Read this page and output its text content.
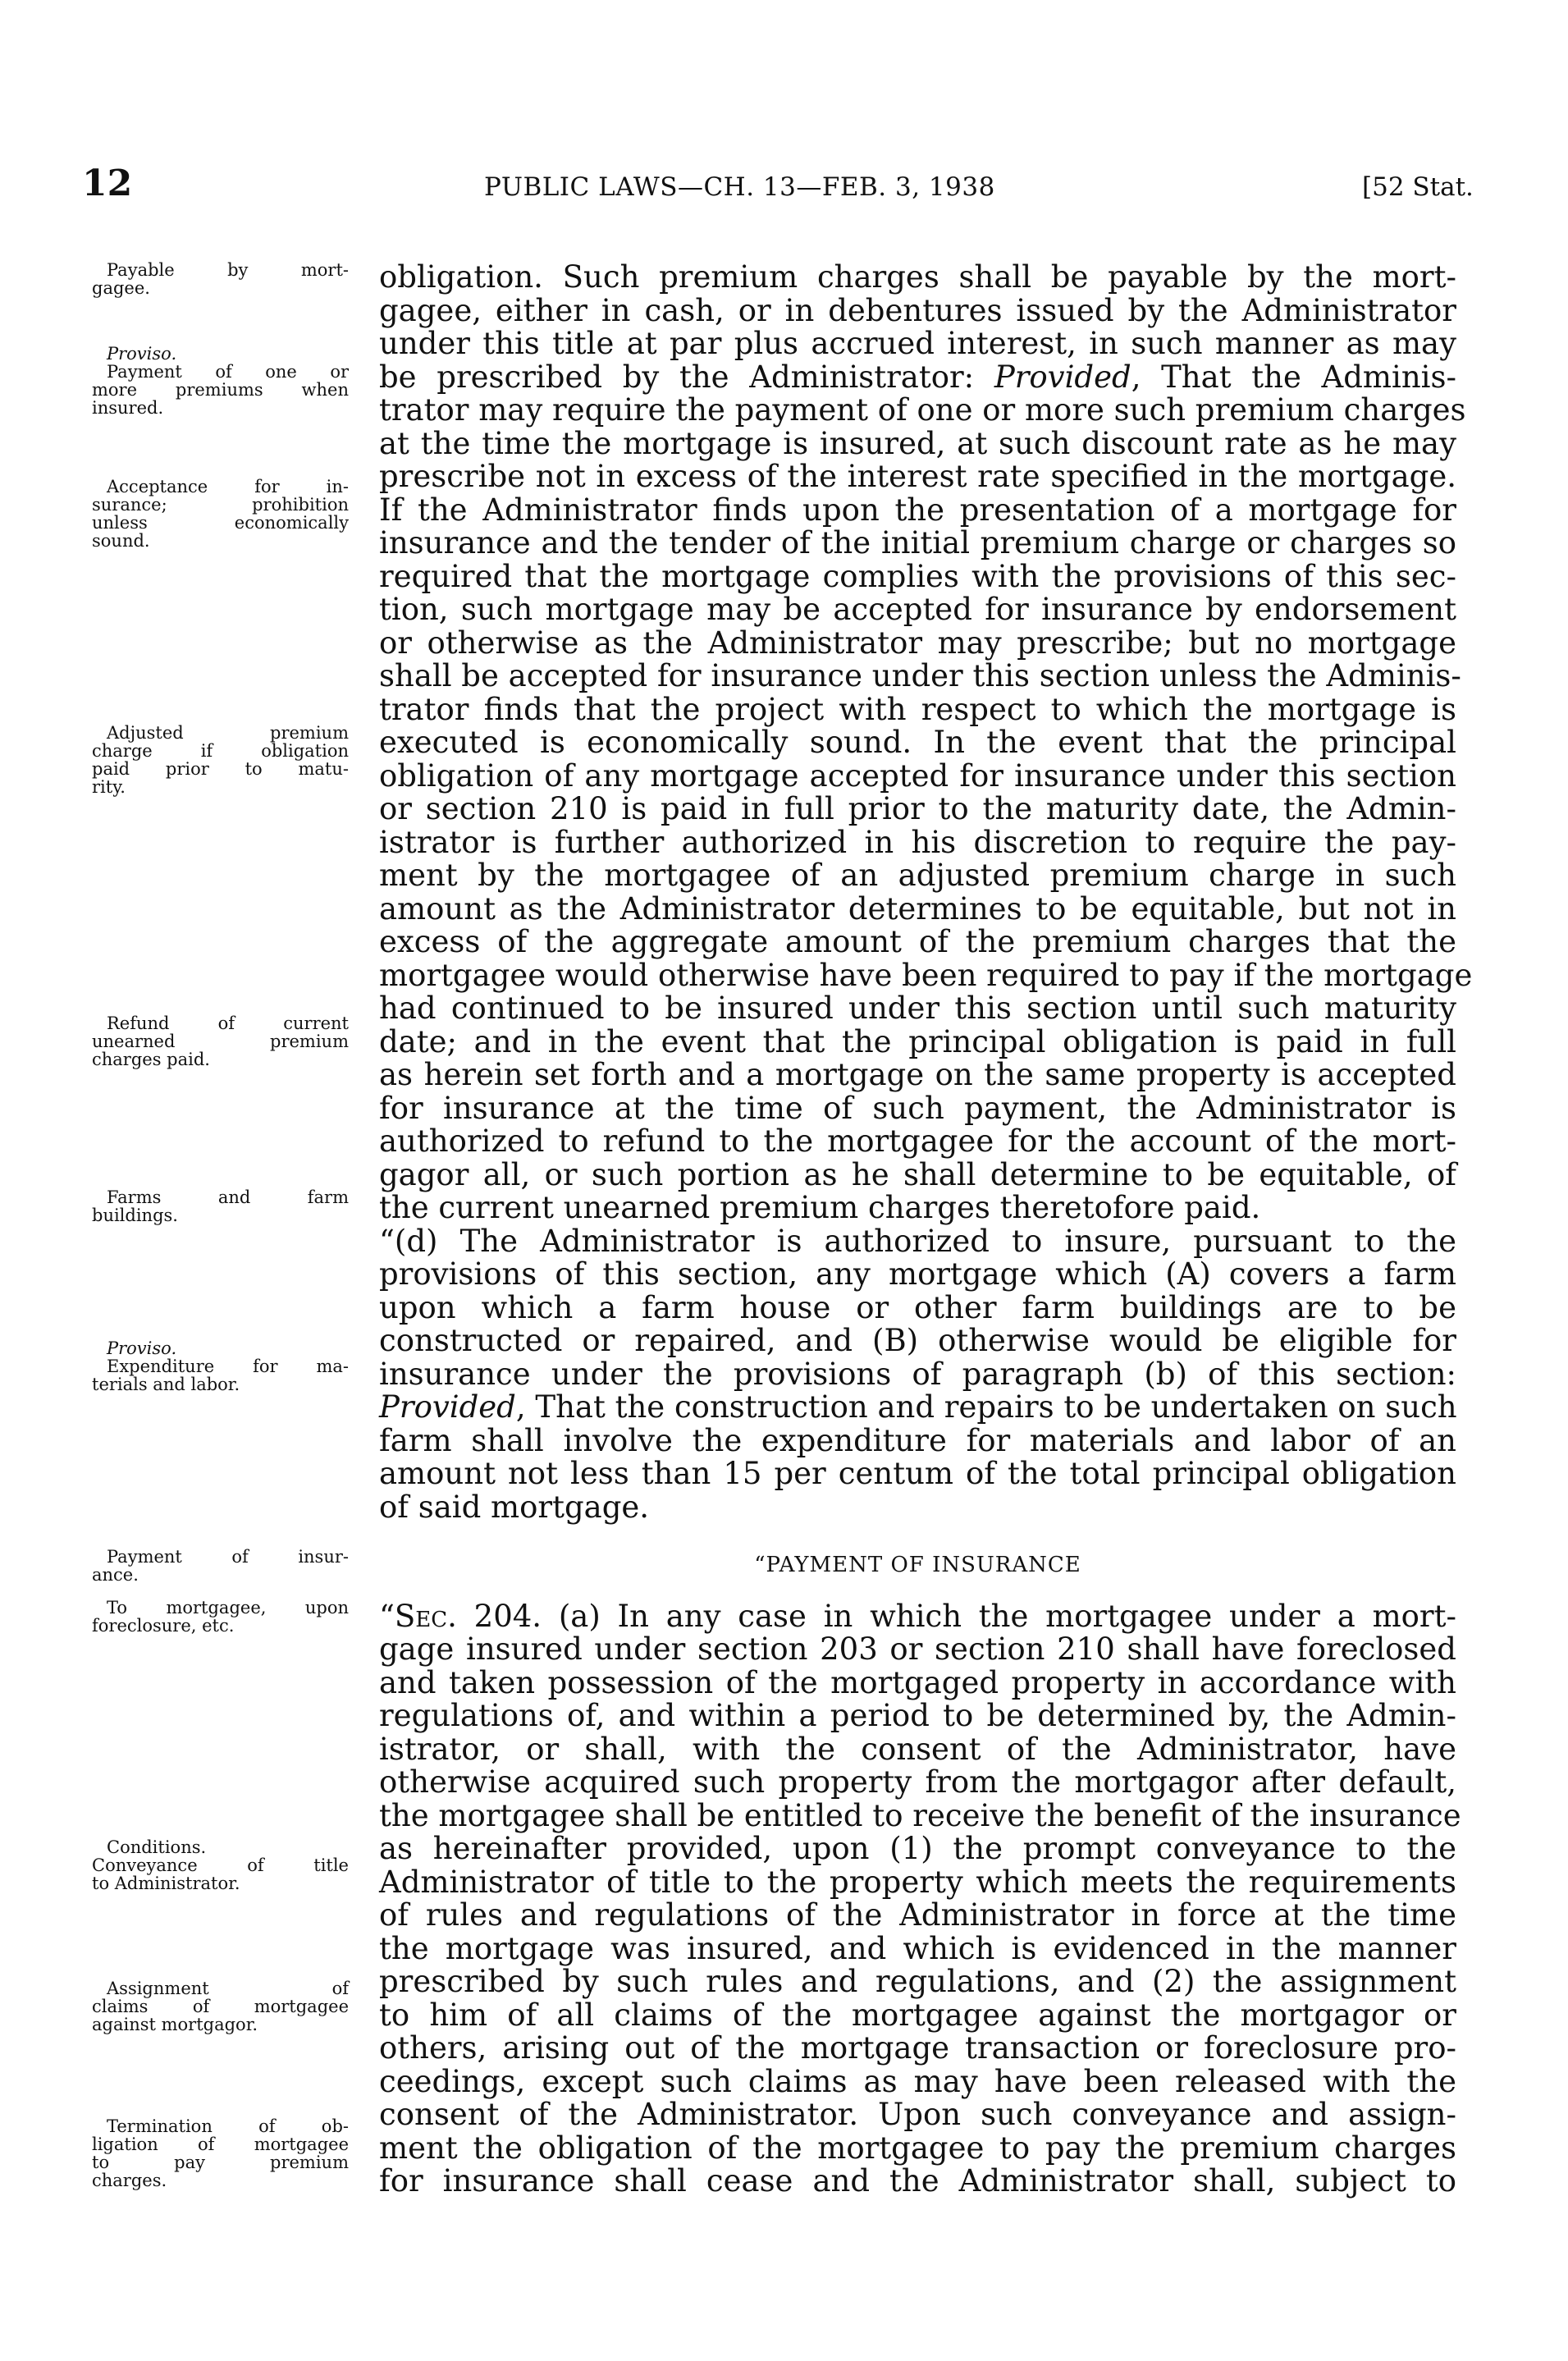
12	PUBLIC LAWS—CH. 13—FEB. 3, 1938	[52 Stat.
Payable by mort-
gagee.
Proviso.
Payment of one or
more premiums when
insured.
Acceptance for in-
surance; prohibition
unless economically
sound.
Adjusted premium
charge if obligation
paid prior to matu-
rity.
Refund of current
unearned premium
charges paid.
Farms and farm
buildings.
Proviso.
Expenditure for ma-
terials and labor.
Payment of insur-
ance.
To mortgagee, upon
foreclosure, etc.
Conditions.
Conveyance of title
to Administrator.
Assignment of
claims of mortgagee
against mortgagor.
Termination of ob-
ligation of mortgagee
to pay premium
charges.
obligation. Such premium charges shall be payable by the mort-
gagee, either in cash, or in debentures issued by the Administrator
under this title at par plus accrued interest, in such manner as may
be prescribed by the Administrator: Provided, That the Adminis-
trator may require the payment of one or more such premium charges
at the time the mortgage is insured, at such discount rate as he may
prescribe not in excess of the interest rate specified in the mortgage.
If the Administrator finds upon the presentation of a mortgage for
insurance and the tender of the initial premium charge or charges so
required that the mortgage complies with the provisions of this sec-
tion, such mortgage may be accepted for insurance by endorsement
or otherwise as the Administrator may prescribe; but no mortgage
shall be accepted for insurance under this section unless the Adminis-
trator finds that the project with respect to which the mortgage is
executed is economically sound. In the event that the principal
obligation of any mortgage accepted for insurance under this section
or section 210 is paid in full prior to the maturity date, the Admin-
istrator is further authorized in his discretion to require the pay-
ment by the mortgagee of an adjusted premium charge in such
amount as the Administrator determines to be equitable, but not in
excess of the aggregate amount of the premium charges that the
mortgagee would otherwise have been required to pay if the mortgage
had continued to be insured under this section until such maturity
date; and in the event that the principal obligation is paid in full
as herein set forth and a mortgage on the same property is accepted
for insurance at the time of such payment, the Administrator is
authorized to refund to the mortgagee for the account of the mort-
gagor all, or such portion as he shall determine to be equitable, of
the current unearned premium charges theretofore paid.
“(d) The Administrator is authorized to insure, pursuant to the
provisions of this section, any mortgage which (A) covers a farm
upon which a farm house or other farm buildings are to be
constructed or repaired, and (B) otherwise would be eligible for
insurance under the provisions of paragraph (b) of this section:
Provided, That the construction and repairs to be undertaken on such
farm shall involve the expenditure for materials and labor of an
amount not less than 15 per centum of the total principal obligation
of said mortgage.
“PAYMENT OF INSURANCE
“Sec. 204. (a) In any case in which the mortgagee under a mort-
gage insured under section 203 or section 210 shall have foreclosed
and taken possession of the mortgaged property in accordance with
regulations of, and within a period to be determined by, the Admin-
istrator, or shall, with the consent of the Administrator, have
otherwise acquired such property from the mortgagor after default,
the mortgagee shall be entitled to receive the benefit of the insurance
as hereinafter provided, upon (1) the prompt conveyance to the
Administrator of title to the property which meets the requirements
of rules and regulations of the Administrator in force at the time
the mortgage was insured, and which is evidenced in the manner
prescribed by such rules and regulations, and (2) the assignment
to him of all claims of the mortgagee against the mortgagor or
others, arising out of the mortgage transaction or foreclosure pro-
ceedings, except such claims as may have been released with the
consent of the Administrator. Upon such conveyance and assign-
ment the obligation of the mortgagee to pay the premium charges
for insurance shall cease and the Administrator shall, subject to
